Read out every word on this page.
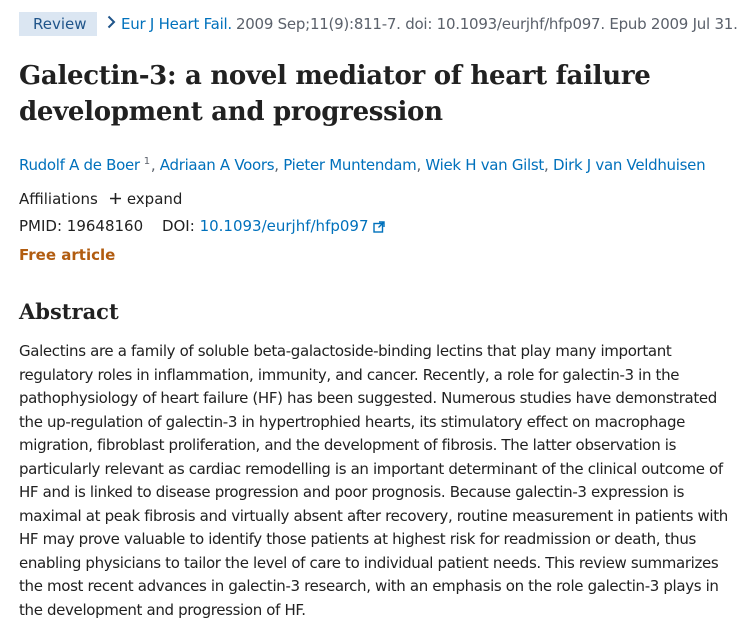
Review	Eur J Heart Fail. 2009 Sep;11(9):811-7. doi: 10.1093/eurjhf/hfp097. Epub 2009 Jul 31.
Galectin-3: a novel mediator of heart failure development and progression
Rudolf A de Boer $^1$, Adriaan A Voors, Pieter Muntendam, Wiek H van Gilst, Dirk J van Veldhuisen
Affiliations expand
PMID: 19648160 DOI: 10.1093/eurjhf/hfp097
Free article
Abstract

Galectins are a family of soluble beta-galactoside-binding lectins that play many important regulatory roles in inflammation, immunity, and cancer. Recently, a role for galectin-3 in the pathophysiology of heart failure (HF) has been suggested. Numerous studies have demonstrated the up-regulation of galectin-3 in hypertrophied hearts, its stimulatory effect on macrophage migration, fibroblast proliferation, and the development of fibrosis. The latter observation is particularly relevant as cardiac remodelling is an important determinant of the clinical outcome of HF and is linked to disease progression and poor prognosis. Because galectin-3 expression is maximal at peak fibrosis and virtually absent after recovery, routine measurement in patients with HF may prove valuable to identify those patients at highest risk for readmission or death, thus enabling physicians to tailor the level of care to individual patient needs. This review summarizes the most recent advances in galectin-3 research, with an emphasis on the role galectin-3 plays in the development and progression of HF.
